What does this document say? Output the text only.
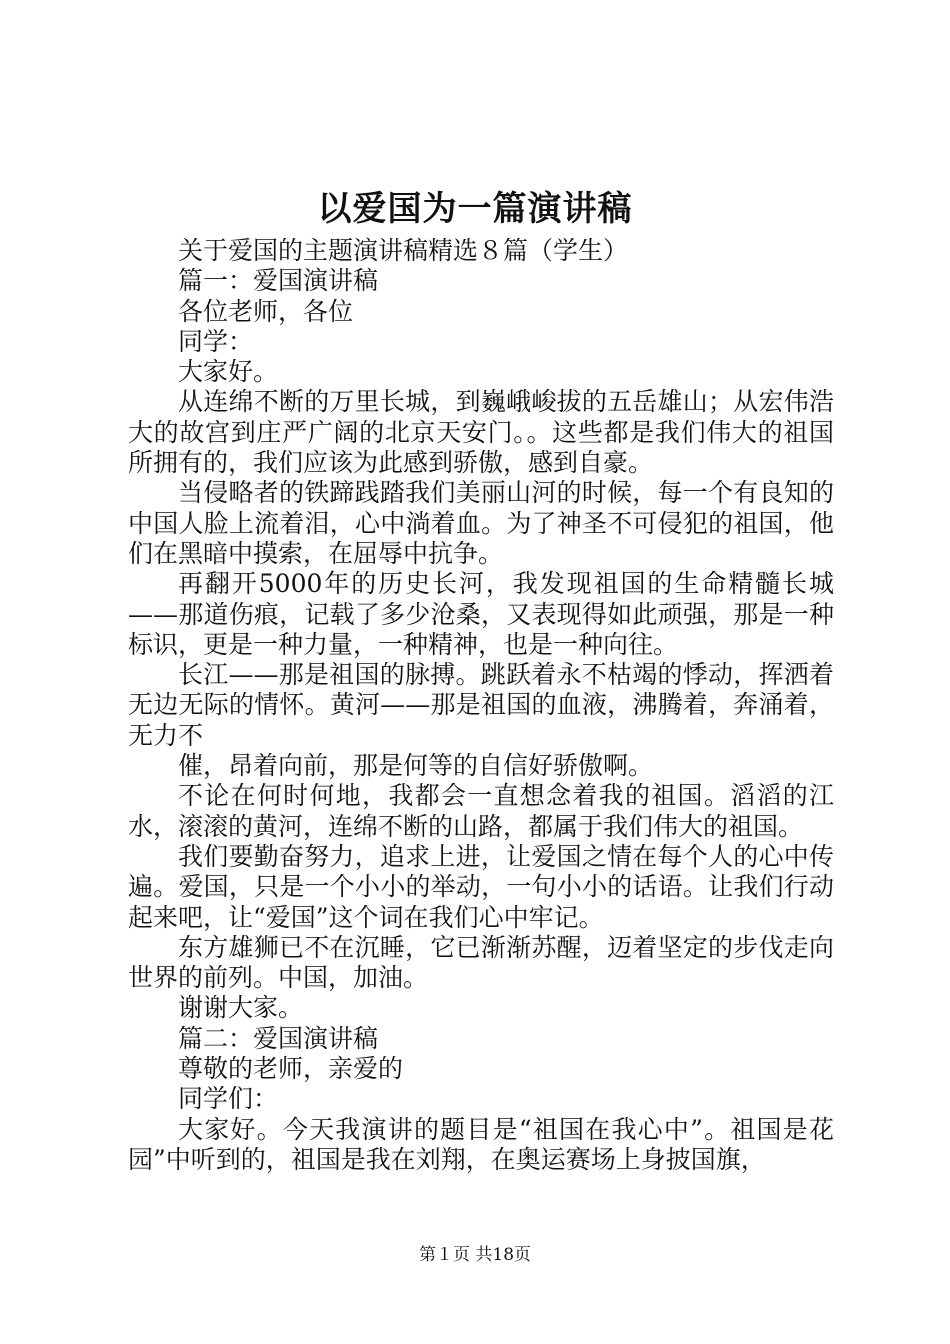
以爱国为一篇演讲稿

关于爱国的主题演讲稿精选８篇（学生）

篇一：爱国演讲稿

各位老师，各位

同学：

大家好。

从连绵不断的万里长城，到巍峨峻拔的五岳雄山；从宏伟浩大的故宫到庄严广阔的北京天安门。。这些都是我们伟大的祖国所拥有的，我们应该为此感到骄傲，感到自豪。

当侵略者的铁蹄践踏我们美丽山河的时候，每一个有良知的中国人脸上流着泪，心中淌着血。为了神圣不可侵犯的祖国，他们在黑暗中摸索，在屈辱中抗争。

再翻开5000年的历史长河，我发现祖国的生命精髓长城——那道伤痕，记载了多少沧桑，又表现得如此顽强，那是一种标识，更是一种力量，一种精神，也是一种向往。

长江——那是祖国的脉搏。跳跃着永不枯竭的悸动，挥洒着无边无际的情怀。黄河——那是祖国的血液，沸腾着，奔涌着，无力不

催，昂着向前，那是何等的自信好骄傲啊。

不论在何时何地，我都会一直想念着我的祖国。滔滔的江水，滚滚的黄河，连绵不断的山路，都属于我们伟大的祖国。

我们要勤奋努力，追求上进，让爱国之情在每个人的心中传遍。爱国，只是一个小小的举动，一句小小的话语。让我们行动起来吧，让“爱国”这个词在我们心中牢记。

东方雄狮已不在沉睡，它已渐渐苏醒，迈着坚定的步伐走向世界的前列。中国，加油。

谢谢大家。

篇二：爱国演讲稿

尊敬的老师，亲爱的

同学们：

大家好。今天我演讲的题目是“祖国在我心中”。祖国是花园”中听到的，祖国是我在刘翔，在奥运赛场上身披国旗，

第１页 共18页
